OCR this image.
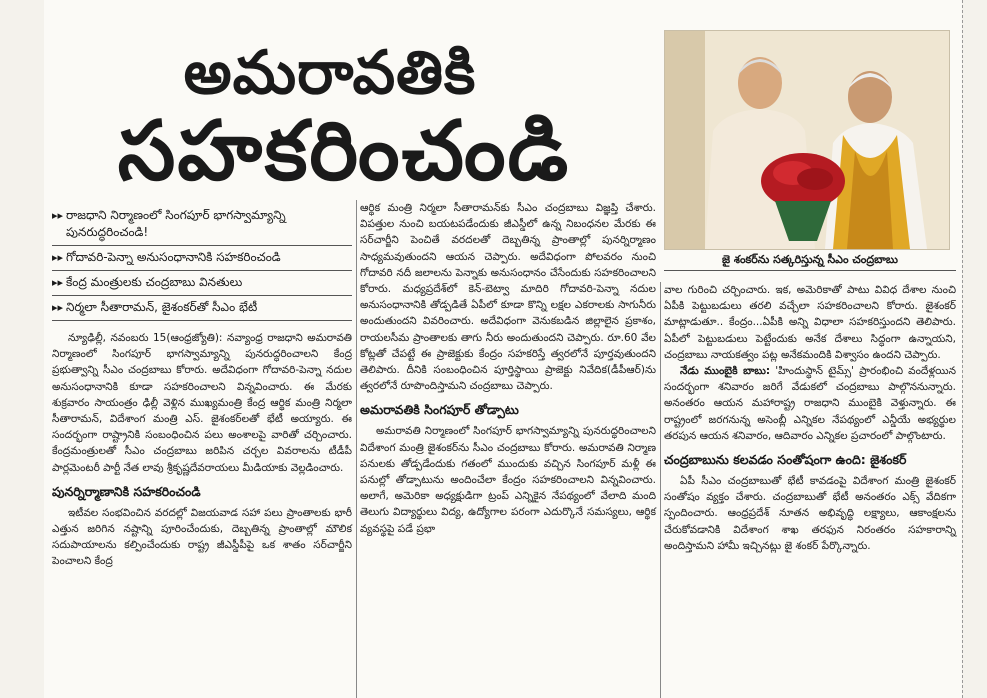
అమరావతికి
సహకరించండి
▸▸ రాజధాని నిర్మాణంలో సింగపూర్ భాగస్వామ్యాన్ని పునరుద్ధరించండి!
▸▸ గోదావరి-పెన్నా అనుసంధానానికి సహకరించండి
▸▸ కేంద్ర మంత్రులకు చంద్రబాబు వినతులు
▸▸ నిర్మలా సీతారామన్, జైశంకర్‌తో సీఎం భేటీ

న్యూఢిల్లీ, నవంబరు 15(ఆంధ్రజ్యోతి): నవ్యాంధ్ర రాజధాని అమరావతి నిర్మాణంలో సింగపూర్ భాగస్వామ్యాన్ని పునరుద్ధరించాలని కేంద్ర ప్రభుత్వాన్ని సీఎం చంద్రబాబు కోరారు. అదేవిధంగా గోదావరి-పెన్నా నదుల అనుసంధానానికి కూడా సహకరించాలని విన్నవించారు. ఈ మేరకు శుక్రవారం సాయంత్రం ఢిల్లీ వెళ్లిన ముఖ్యమంత్రి కేంద్ర ఆర్థిక మంత్రి నిర్మలా సీతారామన్, విదేశాంగ మంత్రి ఎస్. జైశంకర్‌లతో భేటీ అయ్యారు. ఈ సందర్భంగా రాష్ట్రానికి సంబంధించిన పలు అంశాలపై వారితో చర్చించారు. కేంద్రమంత్రులతో సీఎం చంద్రబాబు జరిపిన చర్చల వివరాలను టీడీపీ పార్లమెంటరీ పార్టీ నేత లావు శ్రీకృష్ణదేవరాయలు మీడియాకు వెల్లడించారు.

పునర్నిర్మాణానికి సహకరించండి

ఇటీవల సంభవించిన వరదల్లో విజయవాడ సహా పలు ప్రాంతాలకు భారీ ఎత్తున జరిగిన నష్టాన్ని పూరించేందుకు, దెబ్బతిన్న ప్రాంతాల్లో మౌలిక సదుపాయాలను కల్పించేందుకు రాష్ట్ర జీఎస్డీపీపై ఒక శాతం సర్‌చార్జీని పెంచాలని కేంద్ర

ఆర్థిక మంత్రి నిర్మలా సీతారామన్‌కు సీఎం చంద్రబాబు విజ్ఞప్తి చేశారు. విపత్తుల నుంచి బయటపడేందుకు జీఎస్డీలో ఉన్న నిబంధనల మేరకు ఈ సర్‌చార్జీని పెంచితే వరదలతో దెబ్బతిన్న ప్రాంతాల్లో పునర్నిర్మాణం సాధ్యమవుతుందని ఆయన చెప్పారు. అదేవిధంగా పోలవరం నుంచి గోదావరి నదీ జలాలను పెన్నాకు అనుసంధానం చేసేందుకు సహకరించాలని కోరారు. మధ్యప్రదేశ్‌లో కెన్-బెట్వా మాదిరి గోదావరి-పెన్నా నదుల అనుసంధానానికి తోడ్పడితే ఏపీలో కూడా కొన్ని లక్షల ఎకరాలకు సాగునీరు అందుతుందని వివరించారు. అదేవిధంగా వెనుకబడిన జిల్లాలైన ప్రకాశం, రాయలసీమ ప్రాంతాలకు తాగు నీరు అందుతుందని చెప్పారు. రూ.60 వేల కోట్లతో చేపట్టే ఈ ప్రాజెక్టుకు కేంద్రం సహకరిస్తే త్వరలోనే పూర్తవుతుందని తెలిపారు. దీనికి సంబంధించిన పూర్తిస్థాయి ప్రాజెక్టు నివేదిక(డీపీఆర్)ను త్వరలోనే రూపొందిస్తామని చంద్రబాబు చెప్పారు.

అమరావతికి సింగపూర్ తోడ్పాటు

అమరావతి నిర్మాణంలో సింగపూర్ భాగస్వామ్యాన్ని పునరుద్ధరించాలని విదేశాంగ మంత్రి జైశంకర్‌ను సీఎం చంద్రబాబు కోరారు. అమరావతి నిర్మాణ పనులకు తోడ్పడేందుకు గతంలో ముందుకు వచ్చిన సింగపూర్ మళ్లీ ఈ పనుల్లో తోడ్పాటును అందించేలా కేంద్రం సహకరించాలని విన్నవించారు. అలాగే, అమెరికా అధ్యక్షుడిగా ట్రంప్ ఎన్నికైన నేపథ్యంలో వేలాది మంది తెలుగు విద్యార్థులు విద్య, ఉద్యోగాల పరంగా ఎదుర్కొనే సమస్యలు, ఆర్థిక వ్యవస్థపై పడే ప్రభా

జై శంకర్‌ను సత్కరిస్తున్న సీఎం చంద్రబాబు

వాల గురించి చర్చించారు. ఇక, అమెరికాతో పాటు వివిధ దేశాల నుంచి ఏపీకి పెట్టుబడులు తరలి వచ్చేలా సహకరించాలని కోరారు. జైశంకర్ మాట్లాడుతూ.. కేంద్రం...ఏపీకి అన్ని విధాలా సహకరిస్తుందని తెలిపారు. ఏపీలో పెట్టుబడులు పెట్టేందుకు అనేక దేశాలు సిద్ధంగా ఉన్నాయని, చంద్రబాబు నాయకత్వం పట్ల అనేకమందికి విశ్వాసం ఉందని చెప్పారు.

నేడు ముంబైకి బాబు: 'హిందుస్థాన్ టైమ్స్' ప్రారంభించి వందేళ్లయిన సందర్భంగా శనివారం జరిగే వేడుకలో చంద్రబాబు పాల్గొననున్నారు. అనంతరం ఆయన మహారాష్ట్ర రాజధాని ముంబైకి వెళ్తున్నారు. ఈ రాష్ట్రంలో జరగనున్న అసెంబ్లీ ఎన్నికల నేపథ్యంలో ఎన్డీయే అభ్యర్థుల తరపున ఆయన శనివారం, ఆదివారం ఎన్నికల ప్రచారంలో పాల్గొంటారు.

చంద్రబాబును కలవడం సంతోషంగా ఉంది: జైశంకర్

ఏపీ సీఎం చంద్రబాబుతో భేటీ కావడంపై విదేశాంగ మంత్రి జైశంకర్ సంతోషం వ్యక్తం చేశారు. చంద్రబాబుతో భేటీ అనంతరం ఎక్స్ వేదికగా స్పందించారు. ఆంధ్రప్రదేశ్ నూతన అభివృద్ధి లక్ష్యాలు, ఆకాంక్షలను చేరుకోవడానికి విదేశాంగ శాఖ తరఫున నిరంతరం సహకారాన్ని అందిస్తామని హామీ ఇచ్చినట్లు జై శంకర్ పేర్కొన్నారు.
